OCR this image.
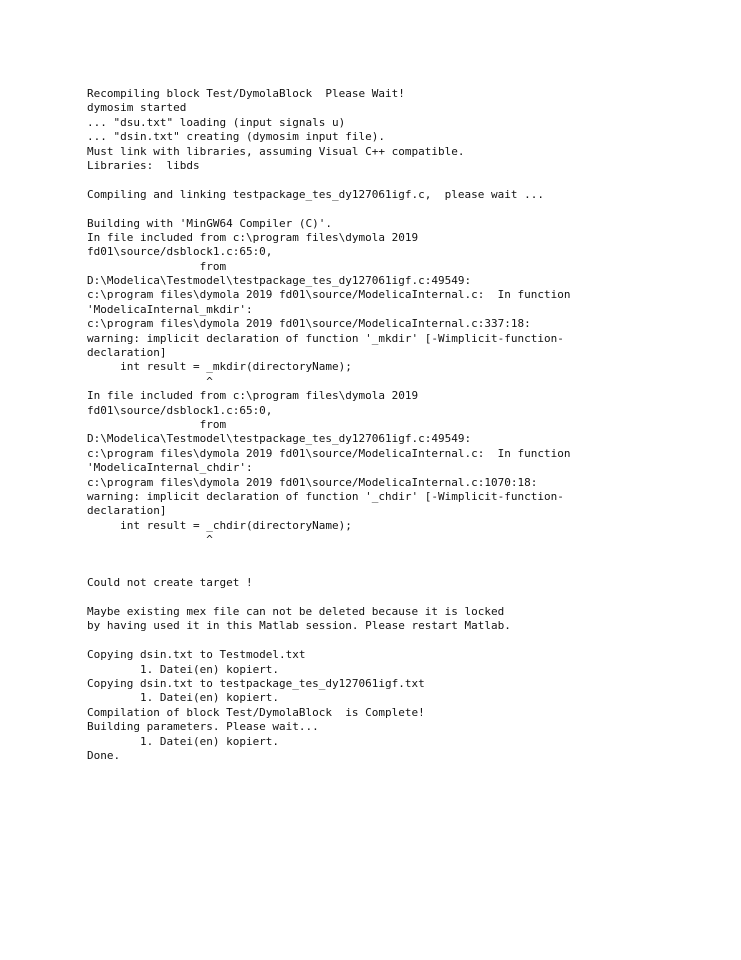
Recompiling block Test/DymolaBlock  Please Wait!
dymosim started
... "dsu.txt" loading (input signals u)
... "dsin.txt" creating (dymosim input file).
Must link with libraries, assuming Visual C++ compatible.
Libraries:  libds
Compiling and linking testpackage_tes_dy127061igf.c,  please wait ...
Building with 'MinGW64 Compiler (C)'.
In file included from c:\program files\dymola 2019
fd01\source/dsblock1.c:65:0,
from
D:\Modelica\Testmodel\testpackage_tes_dy127061igf.c:49549:
c:\program files\dymola 2019 fd01\source/ModelicaInternal.c:  In function
'ModelicaInternal_mkdir':
c:\program files\dymola 2019 fd01\source/ModelicaInternal.c:337:18:
warning: implicit declaration of function '_mkdir' [-Wimplicit-function-
declaration]
int result = _mkdir(directoryName);
^
In file included from c:\program files\dymola 2019
fd01\source/dsblock1.c:65:0,
from
D:\Modelica\Testmodel\testpackage_tes_dy127061igf.c:49549:
c:\program files\dymola 2019 fd01\source/ModelicaInternal.c:  In function
'ModelicaInternal_chdir':
c:\program files\dymola 2019 fd01\source/ModelicaInternal.c:1070:18:
warning: implicit declaration of function '_chdir' [-Wimplicit-function-
declaration]
int result = _chdir(directoryName);
^
Could not create target !
Maybe existing mex file can not be deleted because it is locked
by having used it in this Matlab session. Please restart Matlab.
Copying dsin.txt to Testmodel.txt
1. Datei(en) kopiert.
Copying dsin.txt to testpackage_tes_dy127061igf.txt
1. Datei(en) kopiert.
Compilation of block Test/DymolaBlock  is Complete!
Building parameters. Please wait...
1. Datei(en) kopiert.
Done.
